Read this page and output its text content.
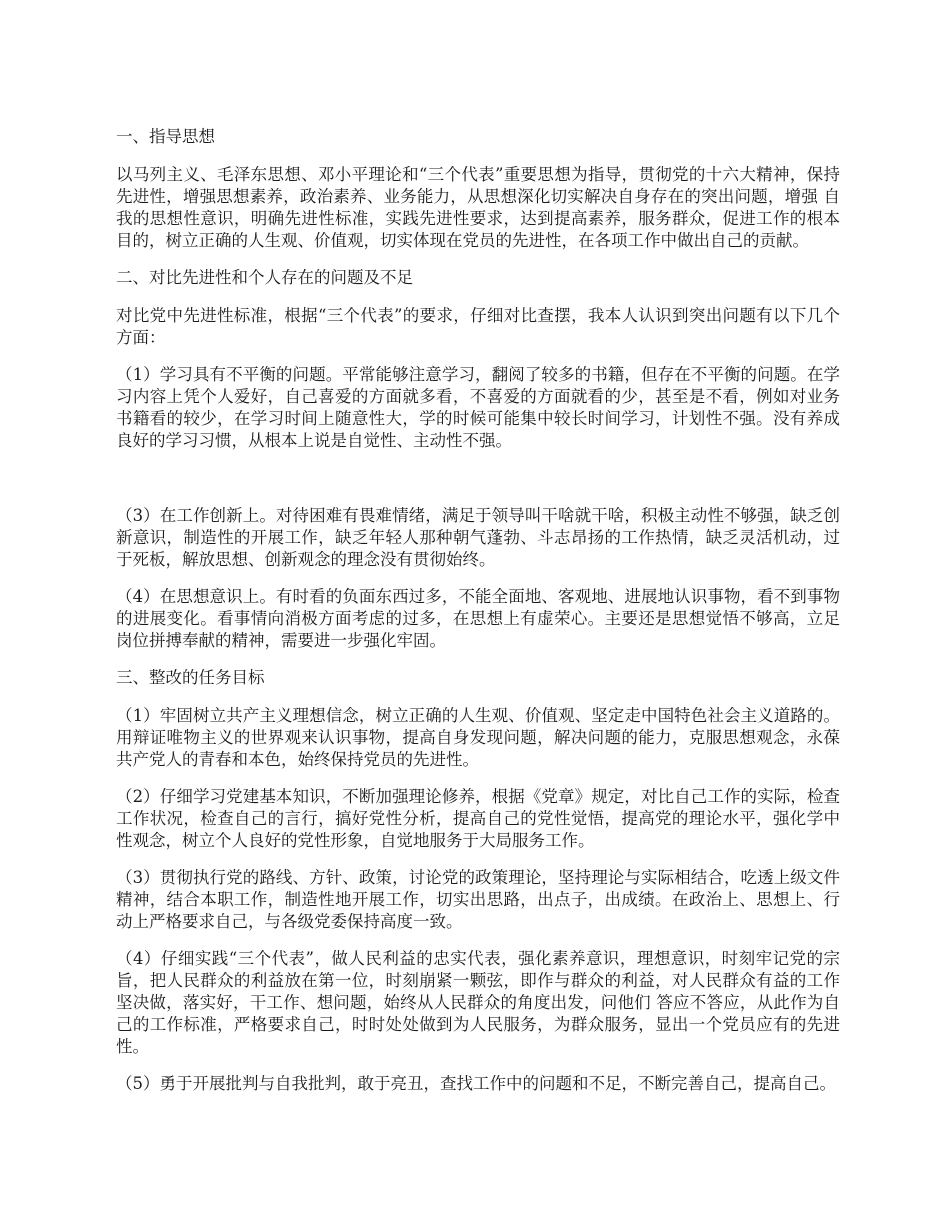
一、指导思想

以马列主义、毛泽东思想、邓小平理论和“三个代表”重要思想为指导，贯彻党的十六大精神，保持先进性，增强思想素养，政治素养、业务能力，从思想深化切实解决自身存在的突出问题，增强 自我的思想性意识，明确先进性标准，实践先进性要求，达到提高素养，服务群众，促进工作的根本目的，树立正确的人生观、价值观，切实体现在党员的先进性，在各项工作中做出自己的贡献。

二、对比先进性和个人存在的问题及不足

对比党中先进性标准，根据“三个代表”的要求，仔细对比查摆，我本人认识到突出问题有以下几个方面：

（1）学习具有不平衡的问题。平常能够注意学习，翻阅了较多的书籍，但存在不平衡的问题。在学习内容上凭个人爱好，自己喜爱的方面就多看，不喜爱的方面就看的少，甚至是不看，例如对业务书籍看的较少，在学习时间上随意性大，学的时候可能集中较长时间学习，计划性不强。没有养成良好的学习习惯，从根本上说是自觉性、主动性不强。

（3）在工作创新上。对待困难有畏难情绪，满足于领导叫干啥就干啥，积极主动性不够强，缺乏创新意识，制造性的开展工作，缺乏年轻人那种朝气蓬勃、斗志昂扬的工作热情，缺乏灵活机动，过于死板，解放思想、创新观念的理念没有贯彻始终。

（4）在思想意识上。有时看的负面东西过多，不能全面地、客观地、进展地认识事物，看不到事物的进展变化。看事情向消极方面考虑的过多，在思想上有虚荣心。主要还是思想觉悟不够高，立足岗位拼搏奉献的精神，需要进一步强化牢固。

三、整改的任务目标

（1）牢固树立共产主义理想信念，树立正确的人生观、价值观、坚定走中国特色社会主义道路的。用辩证唯物主义的世界观来认识事物，提高自身发现问题，解决问题的能力，克服思想观念，永葆共产党人的青春和本色，始终保持党员的先进性。

（2）仔细学习党建基本知识，不断加强理论修养，根据《党章》规定，对比自己工作的实际，检查工作状况，检查自己的言行，搞好党性分析，提高自己的党性觉悟，提高党的理论水平，强化学中性观念，树立个人良好的党性形象，自觉地服务于大局服务工作。

（3）贯彻执行党的路线、方针、政策，讨论党的政策理论，坚持理论与实际相结合，吃透上级文件精神，结合本职工作，制造性地开展工作，切实出思路，出点子，出成绩。在政治上、思想上、行动上严格要求自己，与各级党委保持高度一致。

（4）仔细实践“三个代表”，做人民利益的忠实代表，强化素养意识，理想意识，时刻牢记党的宗旨，把人民群众的利益放在第一位，时刻崩紧一颗弦，即作与群众的利益，对人民群众有益的工作坚决做，落实好，干工作、想问题，始终从人民群众的角度出发，问他们 答应不答应，从此作为自己的工作标准，严格要求自己，时时处处做到为人民服务，为群众服务，显出一个党员应有的先进性。

（5）勇于开展批判与自我批判，敢于亮丑，查找工作中的问题和不足，不断完善自己，提高自己。
